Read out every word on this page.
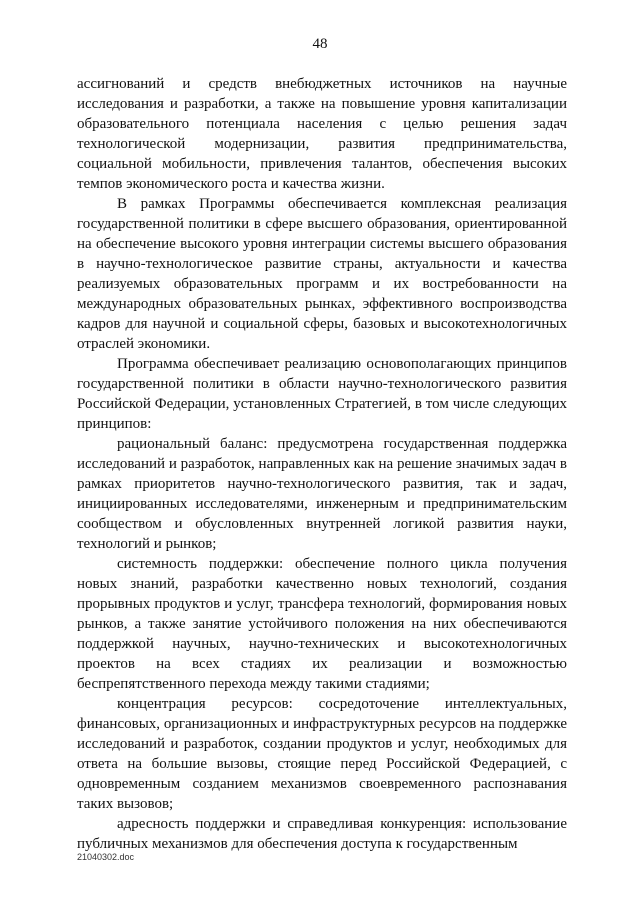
48

ассигнований и средств внебюджетных источников на научные исследования и разработки, а также на повышение уровня капитализации образовательного потенциала населения с целью решения задач технологической модернизации, развития предпринимательства, социальной мобильности, привлечения талантов, обеспечения высоких темпов экономического роста и качества жизни.

В рамках Программы обеспечивается комплексная реализация государственной политики в сфере высшего образования, ориентированной на обеспечение высокого уровня интеграции системы высшего образования в научно-технологическое развитие страны, актуальности и качества реализуемых образовательных программ и их востребованности на международных образовательных рынках, эффективного воспроизводства кадров для научной и социальной сферы, базовых и высокотехнологичных отраслей экономики.

Программа обеспечивает реализацию основополагающих принципов государственной политики в области научно-технологического развития Российской Федерации, установленных Стратегией, в том числе следующих принципов:

рациональный баланс: предусмотрена государственная поддержка исследований и разработок, направленных как на решение значимых задач в рамках приоритетов научно-технологического развития, так и задач, инициированных исследователями, инженерным и предпринимательским сообществом и обусловленных внутренней логикой развития науки, технологий и рынков;

системность поддержки: обеспечение полного цикла получения новых знаний, разработки качественно новых технологий, создания прорывных продуктов и услуг, трансфера технологий, формирования новых рынков, а также занятие устойчивого положения на них обеспечиваются поддержкой научных, научно-технических и высокотехнологичных проектов на всех стадиях их реализации и возможностью беспрепятственного перехода между такими стадиями;

концентрация ресурсов: сосредоточение интеллектуальных, финансовых, организационных и инфраструктурных ресурсов на поддержке исследований и разработок, создании продуктов и услуг, необходимых для ответа на большие вызовы, стоящие перед Российской Федерацией, с одновременным созданием механизмов своевременного распознавания таких вызовов;

адресность поддержки и справедливая конкуренция: использование публичных механизмов для обеспечения доступа к государственным

21040302.doc
